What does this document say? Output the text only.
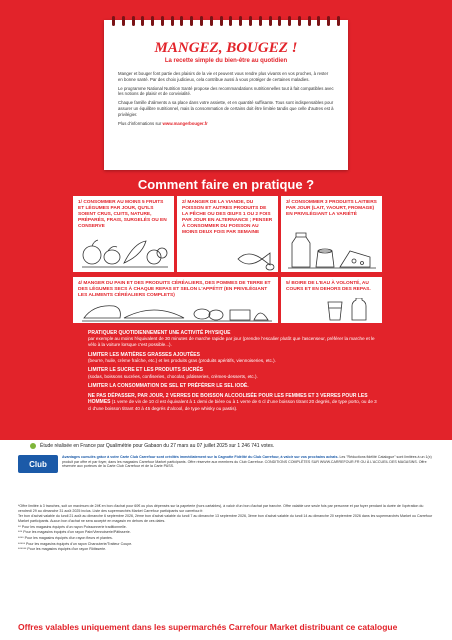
MANGEZ, BOUGEZ !
La recette simple du bien-être au quotidien

Manger et bouger font partie des plaisirs de la vie et peuvent vous rendre plus vivants en vos proches, à rester en bonne santé. Par des choix judicieux, cela contribue aussi à vous protéger de certaines maladies.

Le programme National Nutrition Santé propose des recommandations nutritionnelles tout à fait compatibles avec les notions de plaisir et de convivialité.

Chaque famille d'aliments a sa place dans votre assiette, et en quantité suffisante. Tous sont indispensables pour assurer un équilibre nutritionnel, mais la consommation de certains doit être limitée tandis que celle d'autres est à privilégier.

Plus d'informations sur www.mangerbouger.fr

Comment faire en pratique ?
1/ CONSOMMER AU MOINS 5 FRUITS ET LÉGUMES PAR JOUR, QU'ILS SOIENT CRUS, CUITS, NATURE, PRÉPARÉS, FRAIS, SURGELÉS OU EN CONSERVE
2/ MANGER DE LA VIANDE, DU POISSON ET AUTRES PRODUITS DE LA PÊCHE OU DES ŒUFS 1 OU 2 FOIS PAR JOUR EN ALTERNANCE ; PENSER À CONSOMMER DU POISSON AU MOINS DEUX FOIS PAR SEMAINE
3/ CONSOMMER 3 PRODUITS LAITIERS PAR JOUR (LAIT, YAOURT, FROMAGE) EN PRIVILÉGIANT LA VARIÉTÉ
4/ MANGER DU PAIN ET DES PRODUITS CÉRÉALIERS, DES POMMES DE TERRE ET DES LÉGUMES SECS À CHAQUE REPAS ET SELON L'APPÉTIT (EN PRIVILÉGIANT LES ALIMENTS CÉRÉALIERS COMPLETS)
5/ BOIRE DE L'EAU À VOLONTÉ, AU COURS ET EN DEHORS DES REPAS.
PRATIQUER QUOTIDIENNEMENT UNE ACTIVITÉ PHYSIQUE
par exemple au moins l'équivalent de 30 minutes de marche rapide par jour (prendre l'escalier plutôt que l'ascenseur, préférer la marche et le vélo à la voiture lorsque c'est possible...).
LIMITER LES MATIÈRES GRASSES AJOUTÉES
(beurre, huile, crème fraîche, etc.) et les produits gras (produits apéritifs, viennoiseries, etc.).
LIMITER LE SUCRE ET LES PRODUITS SUCRÉS
(sodas, boissons sucrées, confiseries, chocolat, pâtisseries, crèmes-desserts, etc.).
LIMITER LA CONSOMMATION DE SEL ET PRÉFÉRER LE SEL IODÉ.
NE PAS DÉPASSER, PAR JOUR, 2 VERRES DE BOISSON ALCOOLISÉE POUR LES FEMMES ET 3 VERRES POUR LES HOMMES (1 verre de vin de 10 cl est équivalent à 1 demi de bière ou à 1 verre de 6 cl d'une boisson titrant 20 degrés, de type porto, ou de 3 cl d'une boisson titrant 40 à 45 degrés d'alcool, de type whisky ou pastis).
Étude réalisée en France par Qualimétrie pour Gabaon du 27 mars au 07 juillet 2025 sur 1 246 741 votes.
Club
Avantages cumulés grâce à votre Carte Club Carrefour sont crédités immédiatement sur la Cagnotte Fidélité du Club Carrefour, à valoir sur vos prochains achats. Les "Réductions fidélité Catalogue" sont limitées à un 1(x) produit par offre et par foyer, dans les magasins Carrefour Market participants. Offre réservée aux membres du Club Carrefour. CONDITIONS COMPLÈTES SUR WWW.CARREFOUR.FR OU À L'ACCUEIL DES MAGASINS. Offre réservée aux porteurs de la Carte Club Carrefour et de la Carte PASS.

*Offre limitée à 3 tranches, soit un maximum de 24€ en bon d'achat pour 60€ ou plus dépensés sur la papeterie (hors cartables), à valoir d'un bon d'achat par tranche. Offre valable une seule fois par personne et par foyer pendant la durée de l'opération du vendredi 29 au dimanche 31 août 2025 inclus. Liste des supermarchés Market Carrefour participants sur carrefour.fr.

Ter bon d'achat valable du lundi 21 août au dimanche 6 septembre 2026, 2ème bon d'achat valable du lundi 7 au dimanche 13 septembre 2026, 3ème bon d'achat valable du lundi 14 au dimanche 20 septembre 2026 dans les supermarchés Market ou Carrefour Market participants. Aucun bon d'achat ne sera accepté en magasin en dehors de ces dates.

** Pour les magasins équipés d'un rayon Poissonnerie traditionnelle.

*** Pour les magasins équipés d'un rayon Pain/Viennoiserie/Pâtisserie.

**** Pour les magasins équipés d'un rayon fleurs et plantes.

***** Pour les magasins équipés d'un rayon Charcuterie/Traiteur Coupe.

****** Pour les magasins équipés d'un rayon Rôtisserie.

Offres valables uniquement dans les supermarchés Carrefour Market distribuant ce catalogue
